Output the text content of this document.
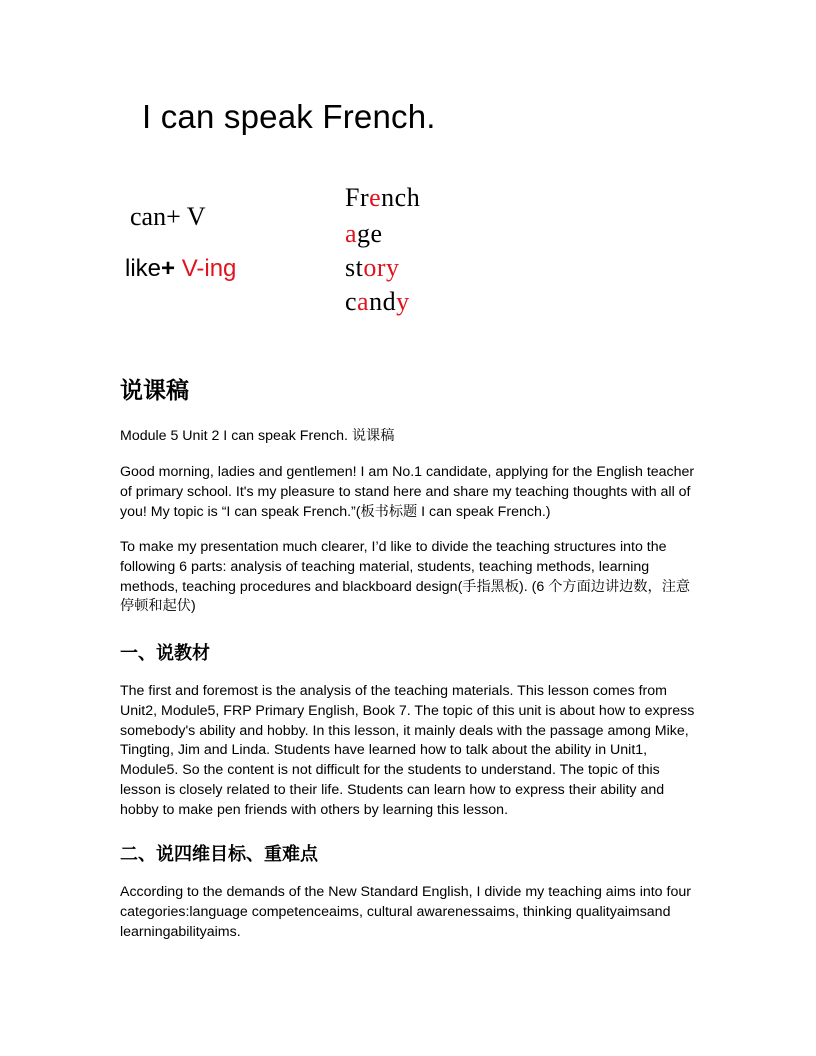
I can speak French.
can+ V
like+ V-ing
French
age
story
candy
说课稿
Module 5 Unit 2 I can speak French. 说课稿
Good morning, ladies and gentlemen! I am No.1 candidate, applying for the English teacher of primary school. It's my pleasure to stand here and share my teaching thoughts with all of you! My topic is “I can speak French.”(板书标题 I can speak French.)
To make my presentation much clearer, I’d like to divide the teaching structures into the following 6 parts: analysis of teaching material, students, teaching methods, learning methods, teaching procedures and blackboard design(手指黑板). (6 个方面边讲边数，注意停顿和起伏)
一、说教材
The first and foremost is the analysis of the teaching materials. This lesson comes from Unit2, Module5, FRP Primary English, Book 7. The topic of this unit is about how to express somebody's ability and hobby. In this lesson, it mainly deals with the passage among Mike, Tingting, Jim and Linda. Students have learned how to talk about the ability in Unit1, Module5. So the content is not difficult for the students to understand. The topic of this lesson is closely related to their life. Students can learn how to express their ability and hobby to make pen friends with others by learning this lesson.
二、说四维目标、重难点
According to the demands of the New Standard English, I divide my teaching aims into four categories:language competenceaims, cultural awarenessaims, thinking qualityaimsand learningabilityaims.
